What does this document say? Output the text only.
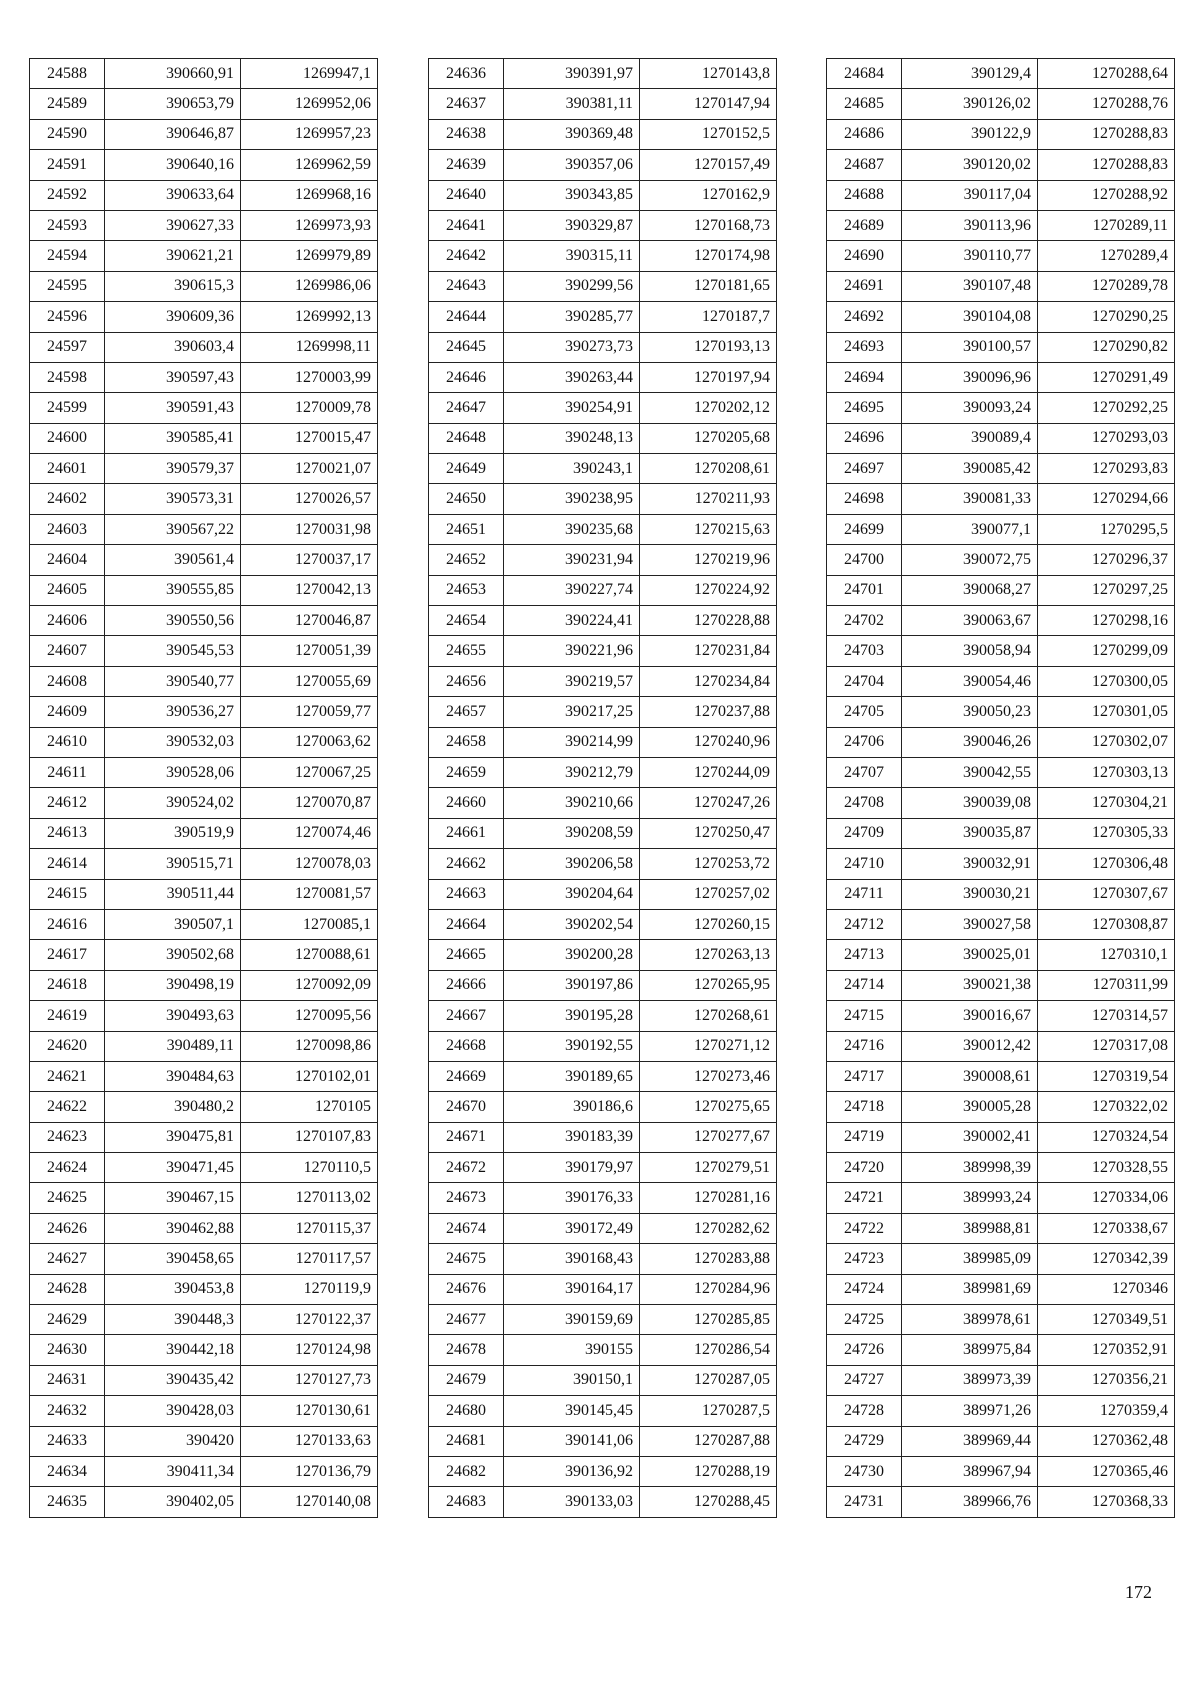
24588	390660,91	1269947,1
24589	390653,79	1269952,06
24590	390646,87	1269957,23
24591	390640,16	1269962,59
24592	390633,64	1269968,16
24593	390627,33	1269973,93
24594	390621,21	1269979,89
24595	390615,3	1269986,06
24596	390609,36	1269992,13
24597	390603,4	1269998,11
24598	390597,43	1270003,99
24599	390591,43	1270009,78
24600	390585,41	1270015,47
24601	390579,37	1270021,07
24602	390573,31	1270026,57
24603	390567,22	1270031,98
24604	390561,4	1270037,17
24605	390555,85	1270042,13
24606	390550,56	1270046,87
24607	390545,53	1270051,39
24608	390540,77	1270055,69
24609	390536,27	1270059,77
24610	390532,03	1270063,62
24611	390528,06	1270067,25
24612	390524,02	1270070,87
24613	390519,9	1270074,46
24614	390515,71	1270078,03
24615	390511,44	1270081,57
24616	390507,1	1270085,1
24617	390502,68	1270088,61
24618	390498,19	1270092,09
24619	390493,63	1270095,56
24620	390489,11	1270098,86
24621	390484,63	1270102,01
24622	390480,2	1270105
24623	390475,81	1270107,83
24624	390471,45	1270110,5
24625	390467,15	1270113,02
24626	390462,88	1270115,37
24627	390458,65	1270117,57
24628	390453,8	1270119,9
24629	390448,3	1270122,37
24630	390442,18	1270124,98
24631	390435,42	1270127,73
24632	390428,03	1270130,61
24633	390420	1270133,63
24634	390411,34	1270136,79
24635	390402,05	1270140,08
24636	390391,97	1270143,8
24637	390381,11	1270147,94
24638	390369,48	1270152,5
24639	390357,06	1270157,49
24640	390343,85	1270162,9
24641	390329,87	1270168,73
24642	390315,11	1270174,98
24643	390299,56	1270181,65
24644	390285,77	1270187,7
24645	390273,73	1270193,13
24646	390263,44	1270197,94
24647	390254,91	1270202,12
24648	390248,13	1270205,68
24649	390243,1	1270208,61
24650	390238,95	1270211,93
24651	390235,68	1270215,63
24652	390231,94	1270219,96
24653	390227,74	1270224,92
24654	390224,41	1270228,88
24655	390221,96	1270231,84
24656	390219,57	1270234,84
24657	390217,25	1270237,88
24658	390214,99	1270240,96
24659	390212,79	1270244,09
24660	390210,66	1270247,26
24661	390208,59	1270250,47
24662	390206,58	1270253,72
24663	390204,64	1270257,02
24664	390202,54	1270260,15
24665	390200,28	1270263,13
24666	390197,86	1270265,95
24667	390195,28	1270268,61
24668	390192,55	1270271,12
24669	390189,65	1270273,46
24670	390186,6	1270275,65
24671	390183,39	1270277,67
24672	390179,97	1270279,51
24673	390176,33	1270281,16
24674	390172,49	1270282,62
24675	390168,43	1270283,88
24676	390164,17	1270284,96
24677	390159,69	1270285,85
24678	390155	1270286,54
24679	390150,1	1270287,05
24680	390145,45	1270287,5
24681	390141,06	1270287,88
24682	390136,92	1270288,19
24683	390133,03	1270288,45
24684	390129,4	1270288,64
24685	390126,02	1270288,76
24686	390122,9	1270288,83
24687	390120,02	1270288,83
24688	390117,04	1270288,92
24689	390113,96	1270289,11
24690	390110,77	1270289,4
24691	390107,48	1270289,78
24692	390104,08	1270290,25
24693	390100,57	1270290,82
24694	390096,96	1270291,49
24695	390093,24	1270292,25
24696	390089,4	1270293,03
24697	390085,42	1270293,83
24698	390081,33	1270294,66
24699	390077,1	1270295,5
24700	390072,75	1270296,37
24701	390068,27	1270297,25
24702	390063,67	1270298,16
24703	390058,94	1270299,09
24704	390054,46	1270300,05
24705	390050,23	1270301,05
24706	390046,26	1270302,07
24707	390042,55	1270303,13
24708	390039,08	1270304,21
24709	390035,87	1270305,33
24710	390032,91	1270306,48
24711	390030,21	1270307,67
24712	390027,58	1270308,87
24713	390025,01	1270310,1
24714	390021,38	1270311,99
24715	390016,67	1270314,57
24716	390012,42	1270317,08
24717	390008,61	1270319,54
24718	390005,28	1270322,02
24719	390002,41	1270324,54
24720	389998,39	1270328,55
24721	389993,24	1270334,06
24722	389988,81	1270338,67
24723	389985,09	1270342,39
24724	389981,69	1270346
24725	389978,61	1270349,51
24726	389975,84	1270352,91
24727	389973,39	1270356,21
24728	389971,26	1270359,4
24729	389969,44	1270362,48
24730	389967,94	1270365,46
24731	389966,76	1270368,33
172
